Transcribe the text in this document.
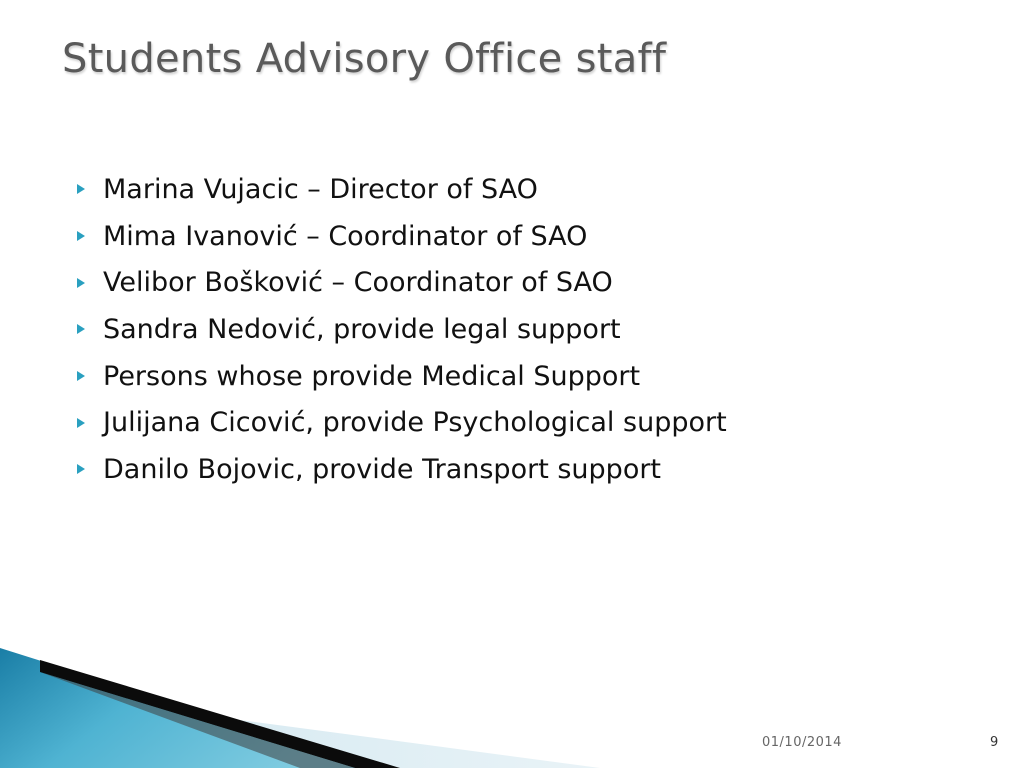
Students Advisory Office staff
Marina Vujacic – Director of SAO
Mima Ivanović – Coordinator of SAO
Velibor Bošković – Coordinator of SAO
Sandra Nedović, provide legal support
Persons whose provide Medical Support
Julijana Cicović, provide Psychological support
Danilo Bojovic, provide Transport support
01/10/2014	9
